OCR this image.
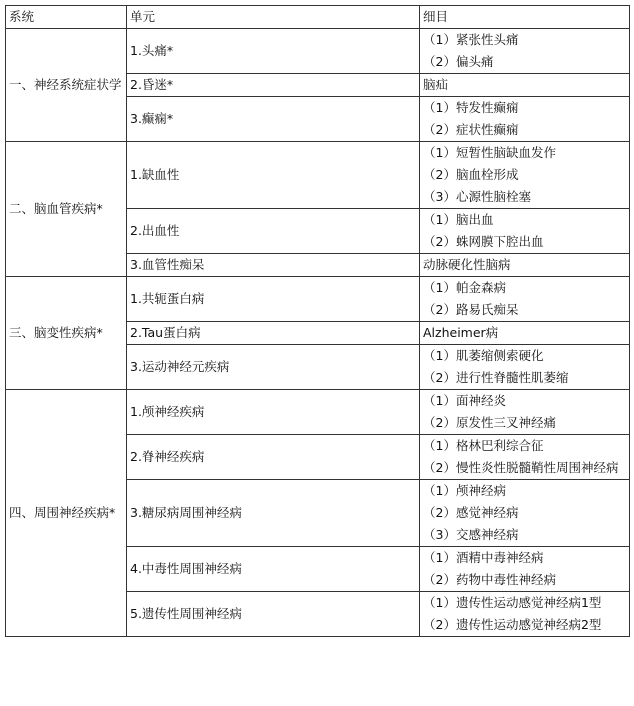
系统	单元	细目
一、神经系统症状学	1.头痛*	（1）紧张性头痛
（2）偏头痛

	2.昏迷*	脑疝

	3.癫痫*	（1）特发性癫痫
（2）症状性癫痫

二、脑血管疾病*	1.缺血性	（1）短暂性脑缺血发作
（2）脑血栓形成
（3）心源性脑栓塞

	2.出血性	（1）脑出血
（2）蛛网膜下腔出血

	3.血管性痴呆	动脉硬化性脑病

三、脑变性疾病*	1.共轭蛋白病	（1）帕金森病
（2）路易氏痴呆

	2.Tau蛋白病	Alzheimer病

	3.运动神经元疾病	（1）肌萎缩侧索硬化
（2）进行性脊髓性肌萎缩

四、周围神经疾病*	1.颅神经疾病	（1）面神经炎
（2）原发性三叉神经痛

	2.脊神经疾病	（1）格林巴利综合征
（2）慢性炎性脱髓鞘性周围神经病

	3.糖尿病周围神经病	（1）颅神经病
（2）感觉神经病
（3）交感神经病

	4.中毒性周围神经病	（1）酒精中毒神经病
（2）药物中毒性神经病

	5.遗传性周围神经病	（1）遗传性运动感觉神经病1型
（2）遗传性运动感觉神经病2型
